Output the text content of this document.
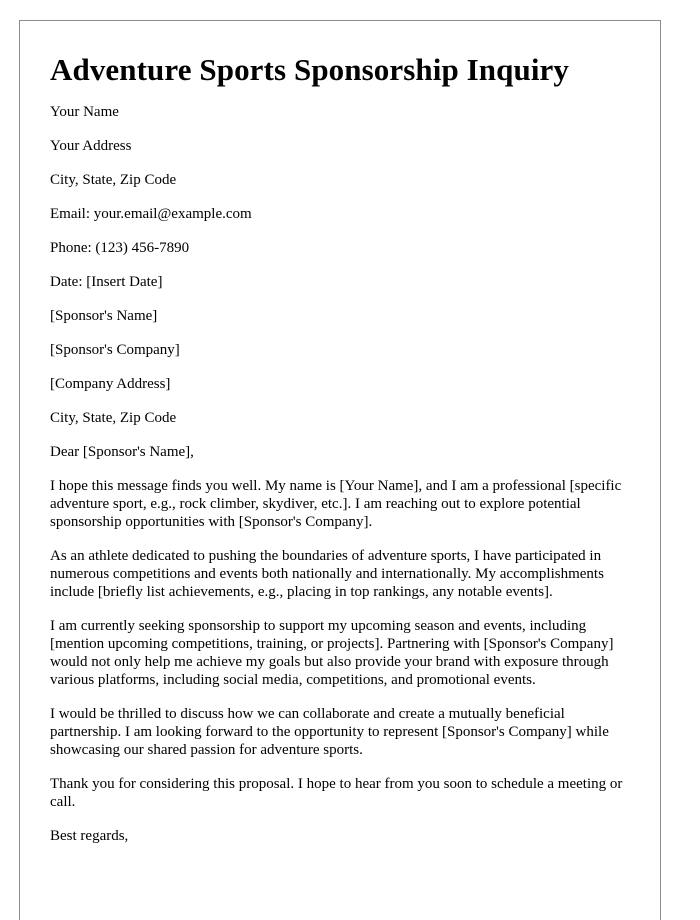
Adventure Sports Sponsorship Inquiry

Your Name

Your Address

City, State, Zip Code

Email: your.email@example.com

Phone: (123) 456-7890

Date: [Insert Date]

[Sponsor's Name]

[Sponsor's Company]

[Company Address]

City, State, Zip Code

Dear [Sponsor's Name],

I hope this message finds you well. My name is [Your Name], and I am a professional [specific adventure sport, e.g., rock climber, skydiver, etc.]. I am reaching out to explore potential sponsorship opportunities with [Sponsor's Company].

As an athlete dedicated to pushing the boundaries of adventure sports, I have participated in numerous competitions and events both nationally and internationally. My accomplishments include [briefly list achievements, e.g., placing in top rankings, any notable events].

I am currently seeking sponsorship to support my upcoming season and events, including [mention upcoming competitions, training, or projects]. Partnering with [Sponsor's Company] would not only help me achieve my goals but also provide your brand with exposure through various platforms, including social media, competitions, and promotional events.

I would be thrilled to discuss how we can collaborate and create a mutually beneficial partnership. I am looking forward to the opportunity to represent [Sponsor's Company] while showcasing our shared passion for adventure sports.

Thank you for considering this proposal. I hope to hear from you soon to schedule a meeting or call.

Best regards,
